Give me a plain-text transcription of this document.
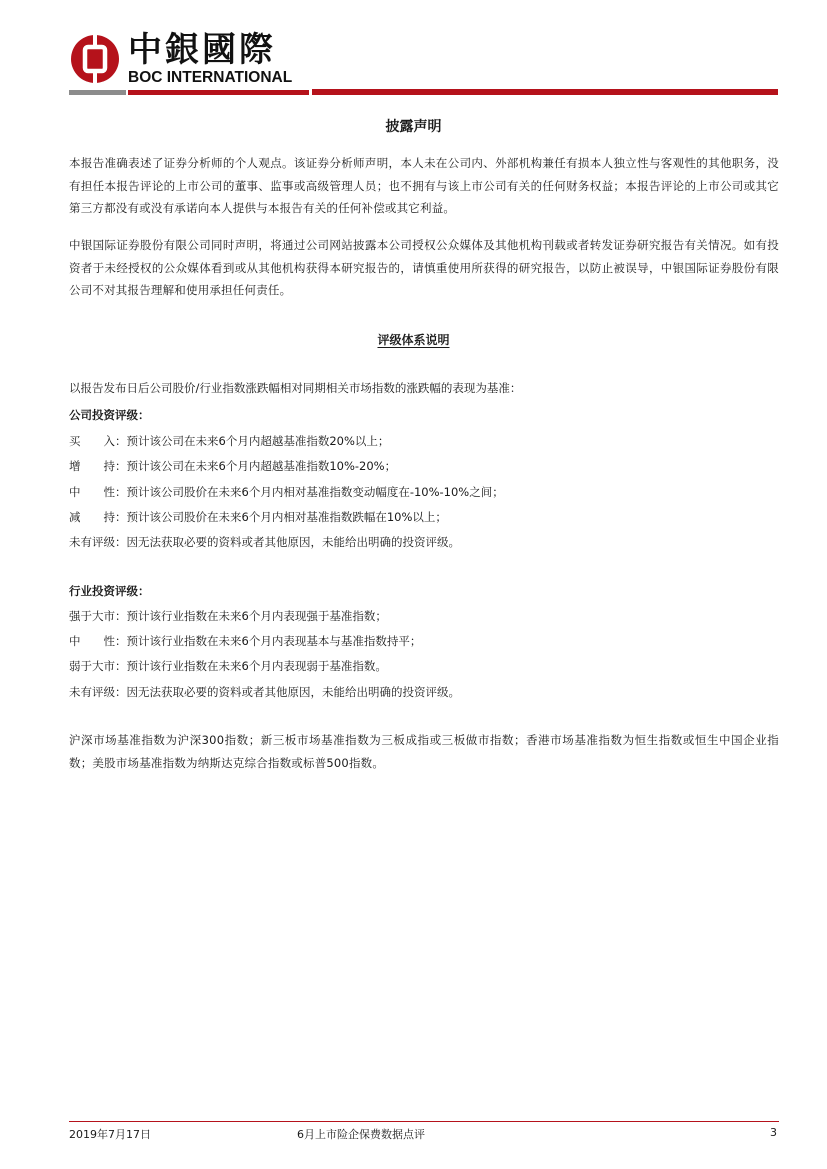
中銀國際
BOC INTERNATIONAL
披露声明
本报告准确表述了证券分析师的个人观点。该证券分析师声明，本人未在公司内、外部机构兼任有损本人独立性与客观性的其他职务，没有担任本报告评论的上市公司的董事、监事或高级管理人员；也不拥有与该上市公司有关的任何财务权益；本报告评论的上市公司或其它第三方都没有或没有承诺向本人提供与本报告有关的任何补偿或其它利益。
中银国际证券股份有限公司同时声明，将通过公司网站披露本公司授权公众媒体及其他机构刊载或者转发证券研究报告有关情况。如有投资者于未经授权的公众媒体看到或从其他机构获得本研究报告的，请慎重使用所获得的研究报告，以防止被误导，中银国际证券股份有限公司不对其报告理解和使用承担任何责任。
评级体系说明
以报告发布日后公司股价/行业指数涨跌幅相对同期相关市场指数的涨跌幅的表现为基准：
公司投资评级：
买　　入：预计该公司在未来6个月内超越基准指数20%以上；
增　　持：预计该公司在未来6个月内超越基准指数10%-20%；
中　　性：预计该公司股价在未来6个月内相对基准指数变动幅度在-10%-10%之间；
减　　持：预计该公司股价在未来6个月内相对基准指数跌幅在10%以上；
未有评级：因无法获取必要的资料或者其他原因，未能给出明确的投资评级。
行业投资评级：
强于大市：预计该行业指数在未来6个月内表现强于基准指数；
中　　性：预计该行业指数在未来6个月内表现基本与基准指数持平；
弱于大市：预计该行业指数在未来6个月内表现弱于基准指数。
未有评级：因无法获取必要的资料或者其他原因，未能给出明确的投资评级。
沪深市场基准指数为沪深300指数；新三板市场基准指数为三板成指或三板做市指数；香港市场基准指数为恒生指数或恒生中国企业指数；美股市场基准指数为纳斯达克综合指数或标普500指数。
2019年7月17日	6月上市险企保费数据点评	3
